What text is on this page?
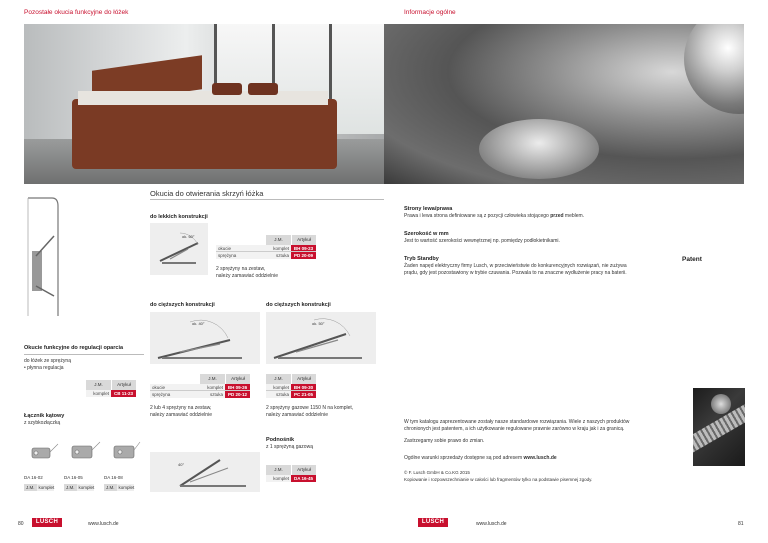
Pozostałe okucia funkcyjne do łóżek	Informacje ogólne
Okucia do otwierania skrzyń łóżka
do lekkich konstrukcji
ok. 60°
J.M.	Artykuł
okucie	komplet	BH 09-23
sprężyna	sztuka	PD 20-09
2 sprężyny na zestaw,
należy zamawiać oddzielnie
do cięższych konstrukcji
ok. 40°
J.M.	Artykuł
okucie	komplet	BH 09-26
sprężyna	sztuka	PD 20-12
2 lub 4 sprężyny na zestaw,
należy zamawiać oddzielnie
do cięższych konstrukcji
ok. 50°
J.M.	Artykuł
komplet	BH 09-30
sztuka	PC 21-05
2 sprężyny gazowe 1150 N na komplet,
należy zamawiać oddzielnie
Okucie funkcyjne do regulacji oparcia
do łóżek ze sprężyną
• płynna regulacja
J.M.	Artykuł
komplet	CB 11-23
Łącznik kątowy
z szybkozłączką
DA 16-02
J.M. komplet
DA 16-05
J.M. komplet
DA 16-08
J.M. komplet
Podnośnik
z 1 sprężyną gazową
40°
J.M.	Artykuł
komplet	DA 16-45
Strony lewa/prawa
Prawa i lewa strona definiowane są z pozycji człowieka stojącego przed meblem.
Szerokość w mm
Jest to wartość szerokości wewnętrznej np. pomiędzy podłokietnikami.
Tryb Standby
Żaden napęd elektryczny firmy Lusch, w przeciwieństwie do konkurencyjnych rozwiązań, nie zużywa
prądu, gdy jest pozostawiony w trybie czuwania. Pozwala to na znaczne wydłużenie pracy na baterii.
Patent
W tym katalogu zaprezentowane zostały nasze standardowe rozwiązania. Wiele z naszych produktów
chronionych jest patentem, a ich użytkowanie regulowane prawnie zarówno w kraju jak i za granicą.
Zastrzegamy sobie prawo do zmian.
Ogólne warunki sprzedaży dostępne są pod adresem www.lusch.de
© F. Lusch GmbH & Co.KG 2015
Kopiowanie i rozpowszechnianie w całości lub fragmentów tylko na podstawie pisemnej zgody.
80	LUSCH	www.lusch.de	LUSCH	www.lusch.de	81
